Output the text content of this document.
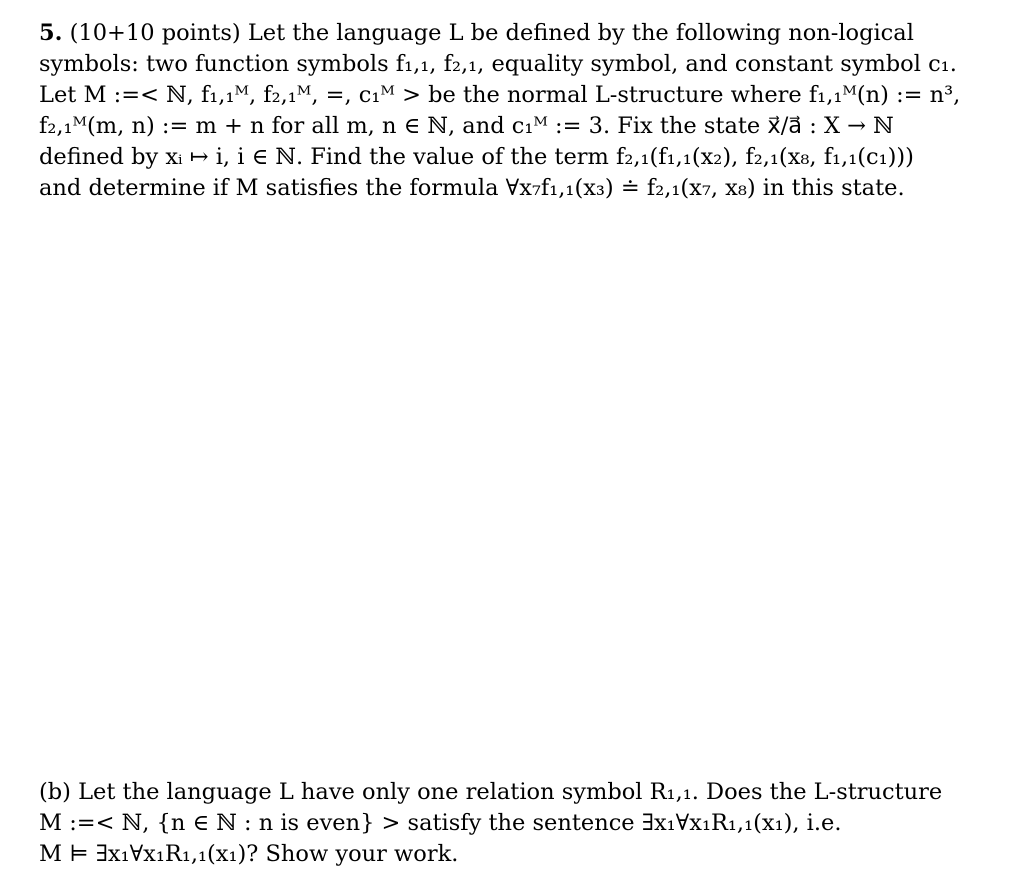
5. (10+10 points) Let the language L be defined by the following non-logical
symbols: two function symbols f₁,₁, f₂,₁, equality symbol, and constant symbol c₁.
Let M :=< ℕ, f₁,₁ᴹ, f₂,₁ᴹ, =, c₁ᴹ > be the normal L-structure where f₁,₁ᴹ(n) := n³,
f₂,₁ᴹ(m, n) := m + n for all m, n ∈ ℕ, and c₁ᴹ := 3. Fix the state x⃗/a⃗ : X → ℕ
defined by xᵢ ↦ i, i ∈ ℕ. Find the value of the term f₂,₁(f₁,₁(x₂), f₂,₁(x₈, f₁,₁(c₁)))
and determine if M satisfies the formula ∀x₇f₁,₁(x₃) ≐ f₂,₁(x₇, x₈) in this state.
(b) Let the language L have only one relation symbol R₁,₁. Does the L-structure
M :=< ℕ, {n ∈ ℕ : n is even} > satisfy the sentence ∃x₁∀x₁R₁,₁(x₁), i.e.
M ⊨ ∃x₁∀x₁R₁,₁(x₁)? Show your work.
